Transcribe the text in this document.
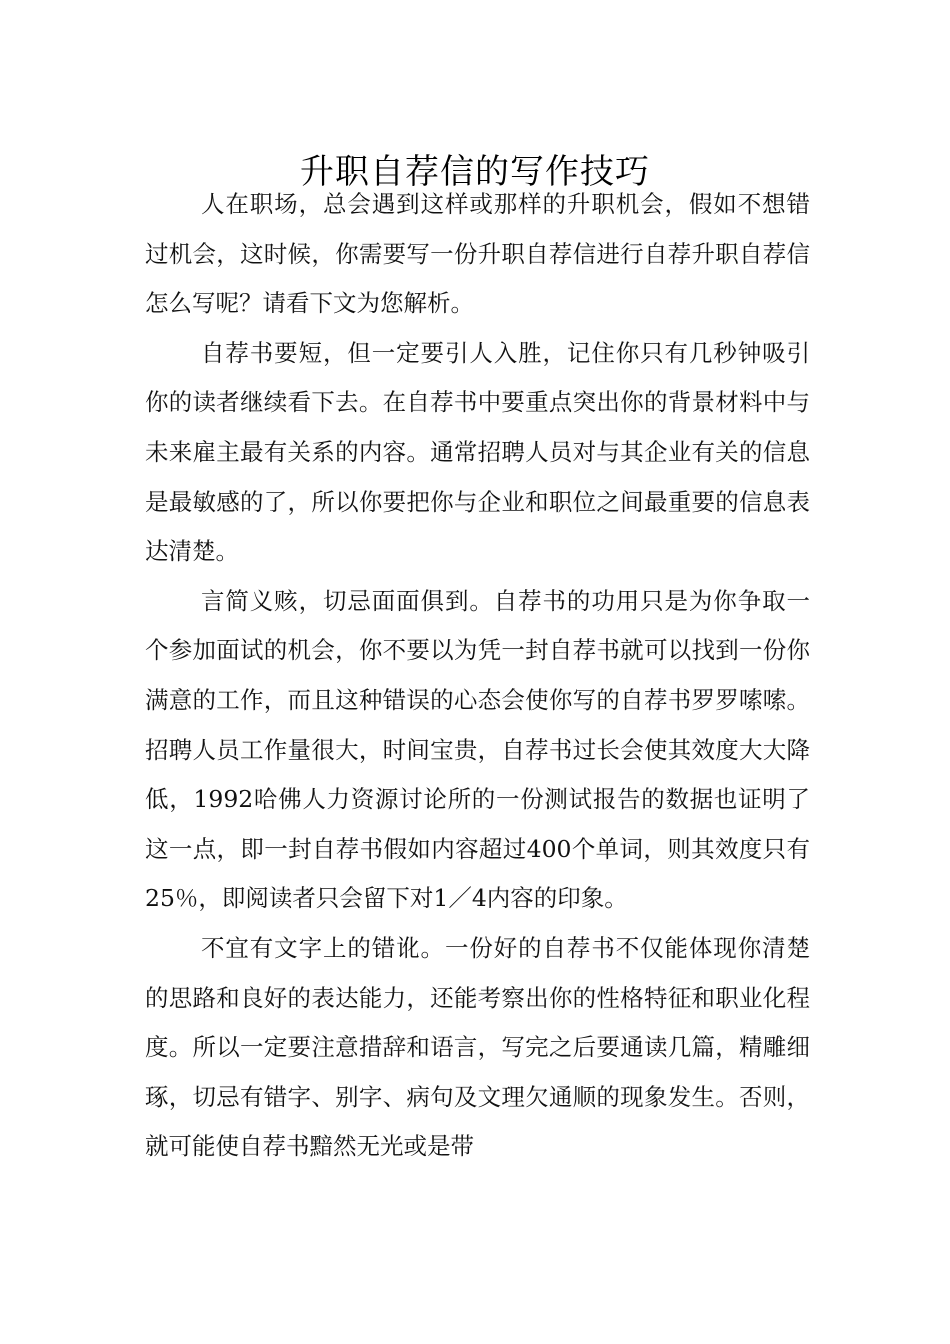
升职自荐信的写作技巧

人在职场，总会遇到这样或那样的升职机会，假如不想错过机会，这时候，你需要写一份升职自荐信进行自荐升职自荐信怎么写呢？请看下文为您解析。

自荐书要短，但一定要引人入胜，记住你只有几秒钟吸引你的读者继续看下去。在自荐书中要重点突出你的背景材料中与未来雇主最有关系的内容。通常招聘人员对与其企业有关的信息是最敏感的了，所以你要把你与企业和职位之间最重要的信息表达清楚。

言简义赅，切忌面面俱到。自荐书的功用只是为你争取一个参加面试的机会，你不要以为凭一封自荐书就可以找到一份你满意的工作，而且这种错误的心态会使你写的自荐书罗罗嗦嗦。招聘人员工作量很大，时间宝贵，自荐书过长会使其效度大大降低，1992哈佛人力资源讨论所的一份测试报告的数据也证明了这一点，即一封自荐书假如内容超过400个单词，则其效度只有25％，即阅读者只会留下对1／4内容的印象。

不宜有文字上的错讹。一份好的自荐书不仅能体现你清楚的思路和良好的表达能力，还能考察出你的性格特征和职业化程度。所以一定要注意措辞和语言，写完之后要通读几篇，精雕细琢，切忌有错字、别字、病句及文理欠通顺的现象发生。否则，就可能使自荐书黯然无光或是带
